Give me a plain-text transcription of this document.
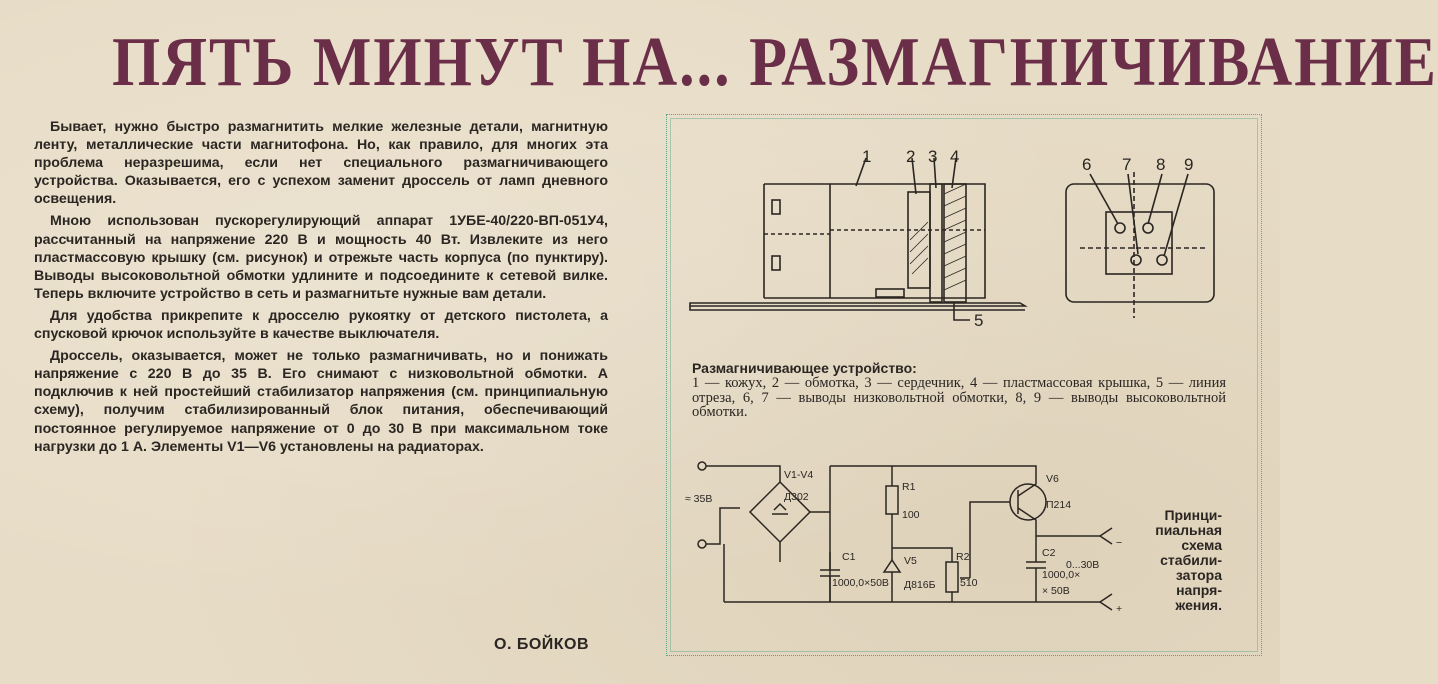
ПЯТЬ МИНУТ НА... РАЗМАГНИЧИВАНИЕ

Бывает, нужно быстро размагнитить мелкие железные детали, магнитную ленту, металлические части магнитофона. Но, как правило, для многих эта проблема неразрешима, если нет специального размагничивающего устройства. Оказывается, его с успехом заменит дроссель от ламп дневного освещения.

Мною использован пускорегулирующий аппарат 1УБЕ-40/220-ВП-051У4, рассчитанный на напряжение 220 В и мощность 40 Вт. Извлеките из него пластмассовую крышку (см. рисунок) и отрежьте часть корпуса (по пунктиру). Выводы высоковольтной обмотки удлините и подсоедините к сетевой вилке. Теперь включите устройство в сеть и размагнитьте нужные вам детали.

Для удобства прикрепите к дросселю рукоятку от детского пистолета, а спусковой крючок используйте в качестве выключателя.

Дроссель, оказывается, может не только размагничивать, но и понижать напряжение с 220 В до 35 В. Его снимают с низковольтной обмотки. А подключив к ней простейший стабилизатор напряжения (см. принципиальную схему), получим стабилизированный блок питания, обеспечивающий постоянное регулируемое напряжение от 0 до 30 В при максимальном токе нагрузки до 1 А. Элементы V1—V6 установлены на радиаторах.

О. БОЙКОВ
1 2 3 4
5
6 7 8 9
Размагничивающее устройство:
1 — кожух, 2 — обмотка, 3 — сердечник, 4 — пластмассовая крышка, 5 — линия отреза, 6, 7 — выводы низковольтной обмотки, 8, 9 — выводы высоковольтной обмотки.
≈ 35В
V1-V4
Д302
R1
100
C1
1000,0×50В
V5
Д816Б
R2
510
V6
П214
C2
1000,0×
× 50В
0...30В
−
+
Принци-
пиальная
схема
стабили-
затора
напря-
жения.
